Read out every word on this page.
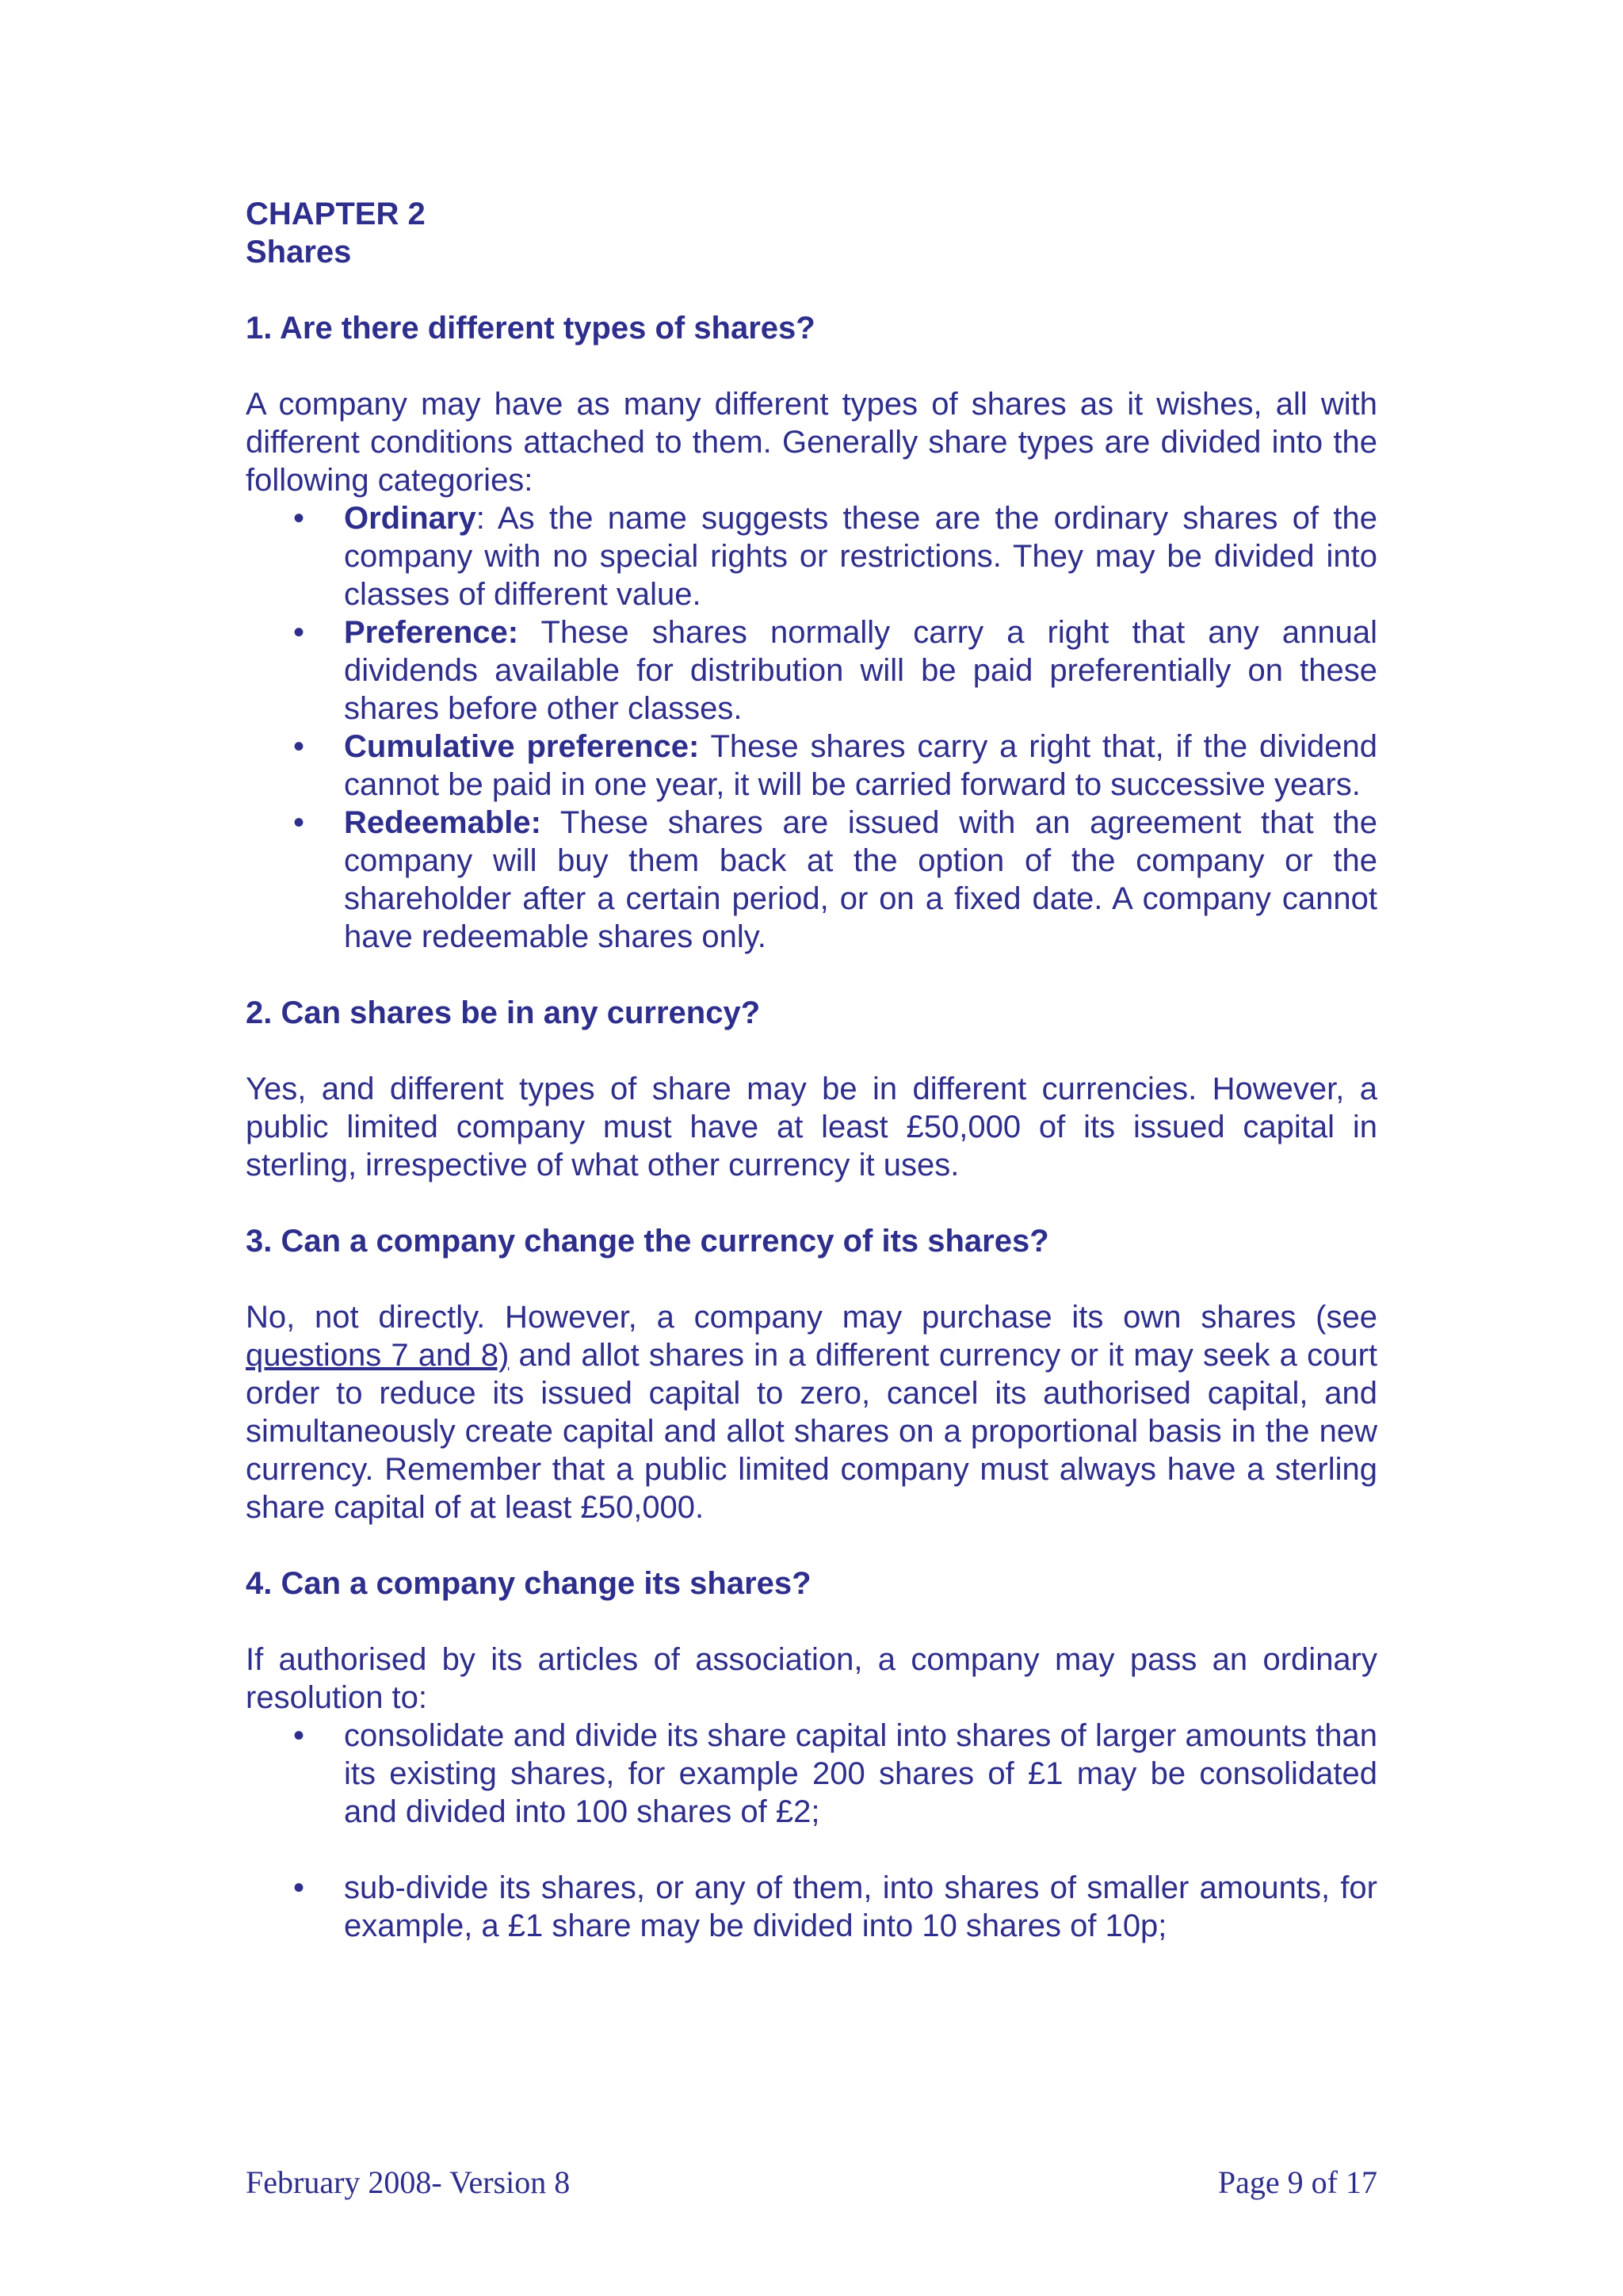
CHAPTER 2

Shares

1. Are there different types of shares?

A company may have as many different types of shares as it wishes, all with different conditions attached to them. Generally share types are divided into the following categories:

• Ordinary: As the name suggests these are the ordinary shares of the company with no special rights or restrictions. They may be divided into classes of different value.
• Preference: These shares normally carry a right that any annual dividends available for distribution will be paid preferentially on these shares before other classes.
• Cumulative preference: These shares carry a right that, if the dividend cannot be paid in one year, it will be carried forward to successive years.
• Redeemable: These shares are issued with an agreement that the company will buy them back at the option of the company or the shareholder after a certain period, or on a fixed date. A company cannot have redeemable shares only.

2. Can shares be in any currency?

Yes, and different types of share may be in different currencies. However, a public limited company must have at least £50,000 of its issued capital in sterling, irrespective of what other currency it uses.

3. Can a company change the currency of its shares?

No, not directly. However, a company may purchase its own shares (see questions 7 and 8) and allot shares in a different currency or it may seek a court order to reduce its issued capital to zero, cancel its authorised capital, and simultaneously create capital and allot shares on a proportional basis in the new currency. Remember that a public limited company must always have a sterling share capital of at least £50,000.

4. Can a company change its shares?

If authorised by its articles of association, a company may pass an ordinary resolution to:

• consolidate and divide its share capital into shares of larger amounts than its existing shares, for example 200 shares of £1 may be consolidated and divided into 100 shares of £2;
• sub-divide its shares, or any of them, into shares of smaller amounts, for example, a £1 share may be divided into 10 shares of 10p;
February 2008- Version 8	Page 9 of 17
